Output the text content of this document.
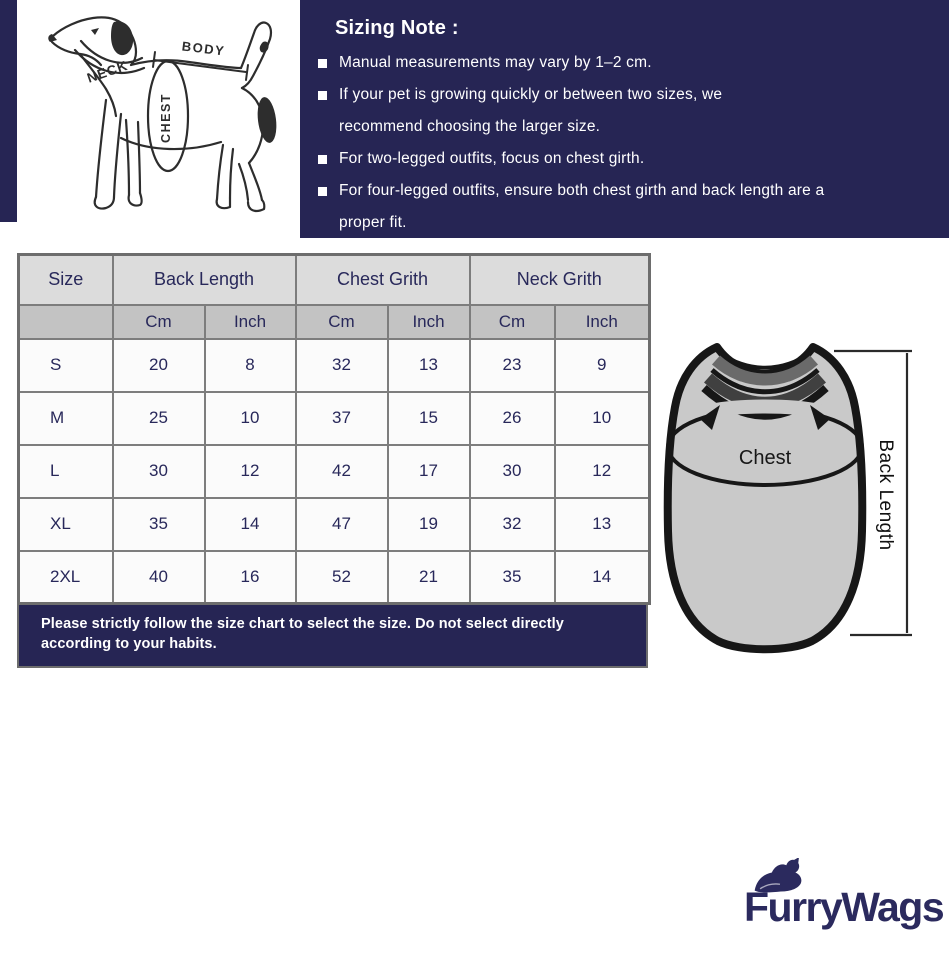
NECK
CHEST
BODY
Sizing Note :
Manual measurements may vary by 1–2 cm.
If your pet is growing quickly or between two sizes, we
recommend choosing the larger size.
For two-legged outfits, focus on chest girth.
For four-legged outfits, ensure both chest girth and back length are a
proper fit.
Size	Back Length		Chest Grith		Neck Grith	
	Cm	Inch	Cm	Inch	Cm	Inch
S	20	8	32	13	23	9
M	25	10	37	15	26	10
L	30	12	42	17	30	12
XL	35	14	47	19	32	13
2XL	40	16	52	21	35	14
Please strictly follow the size chart to select the size. Do not select directly according to your habits.
Chest	Back Length
FurryWags
